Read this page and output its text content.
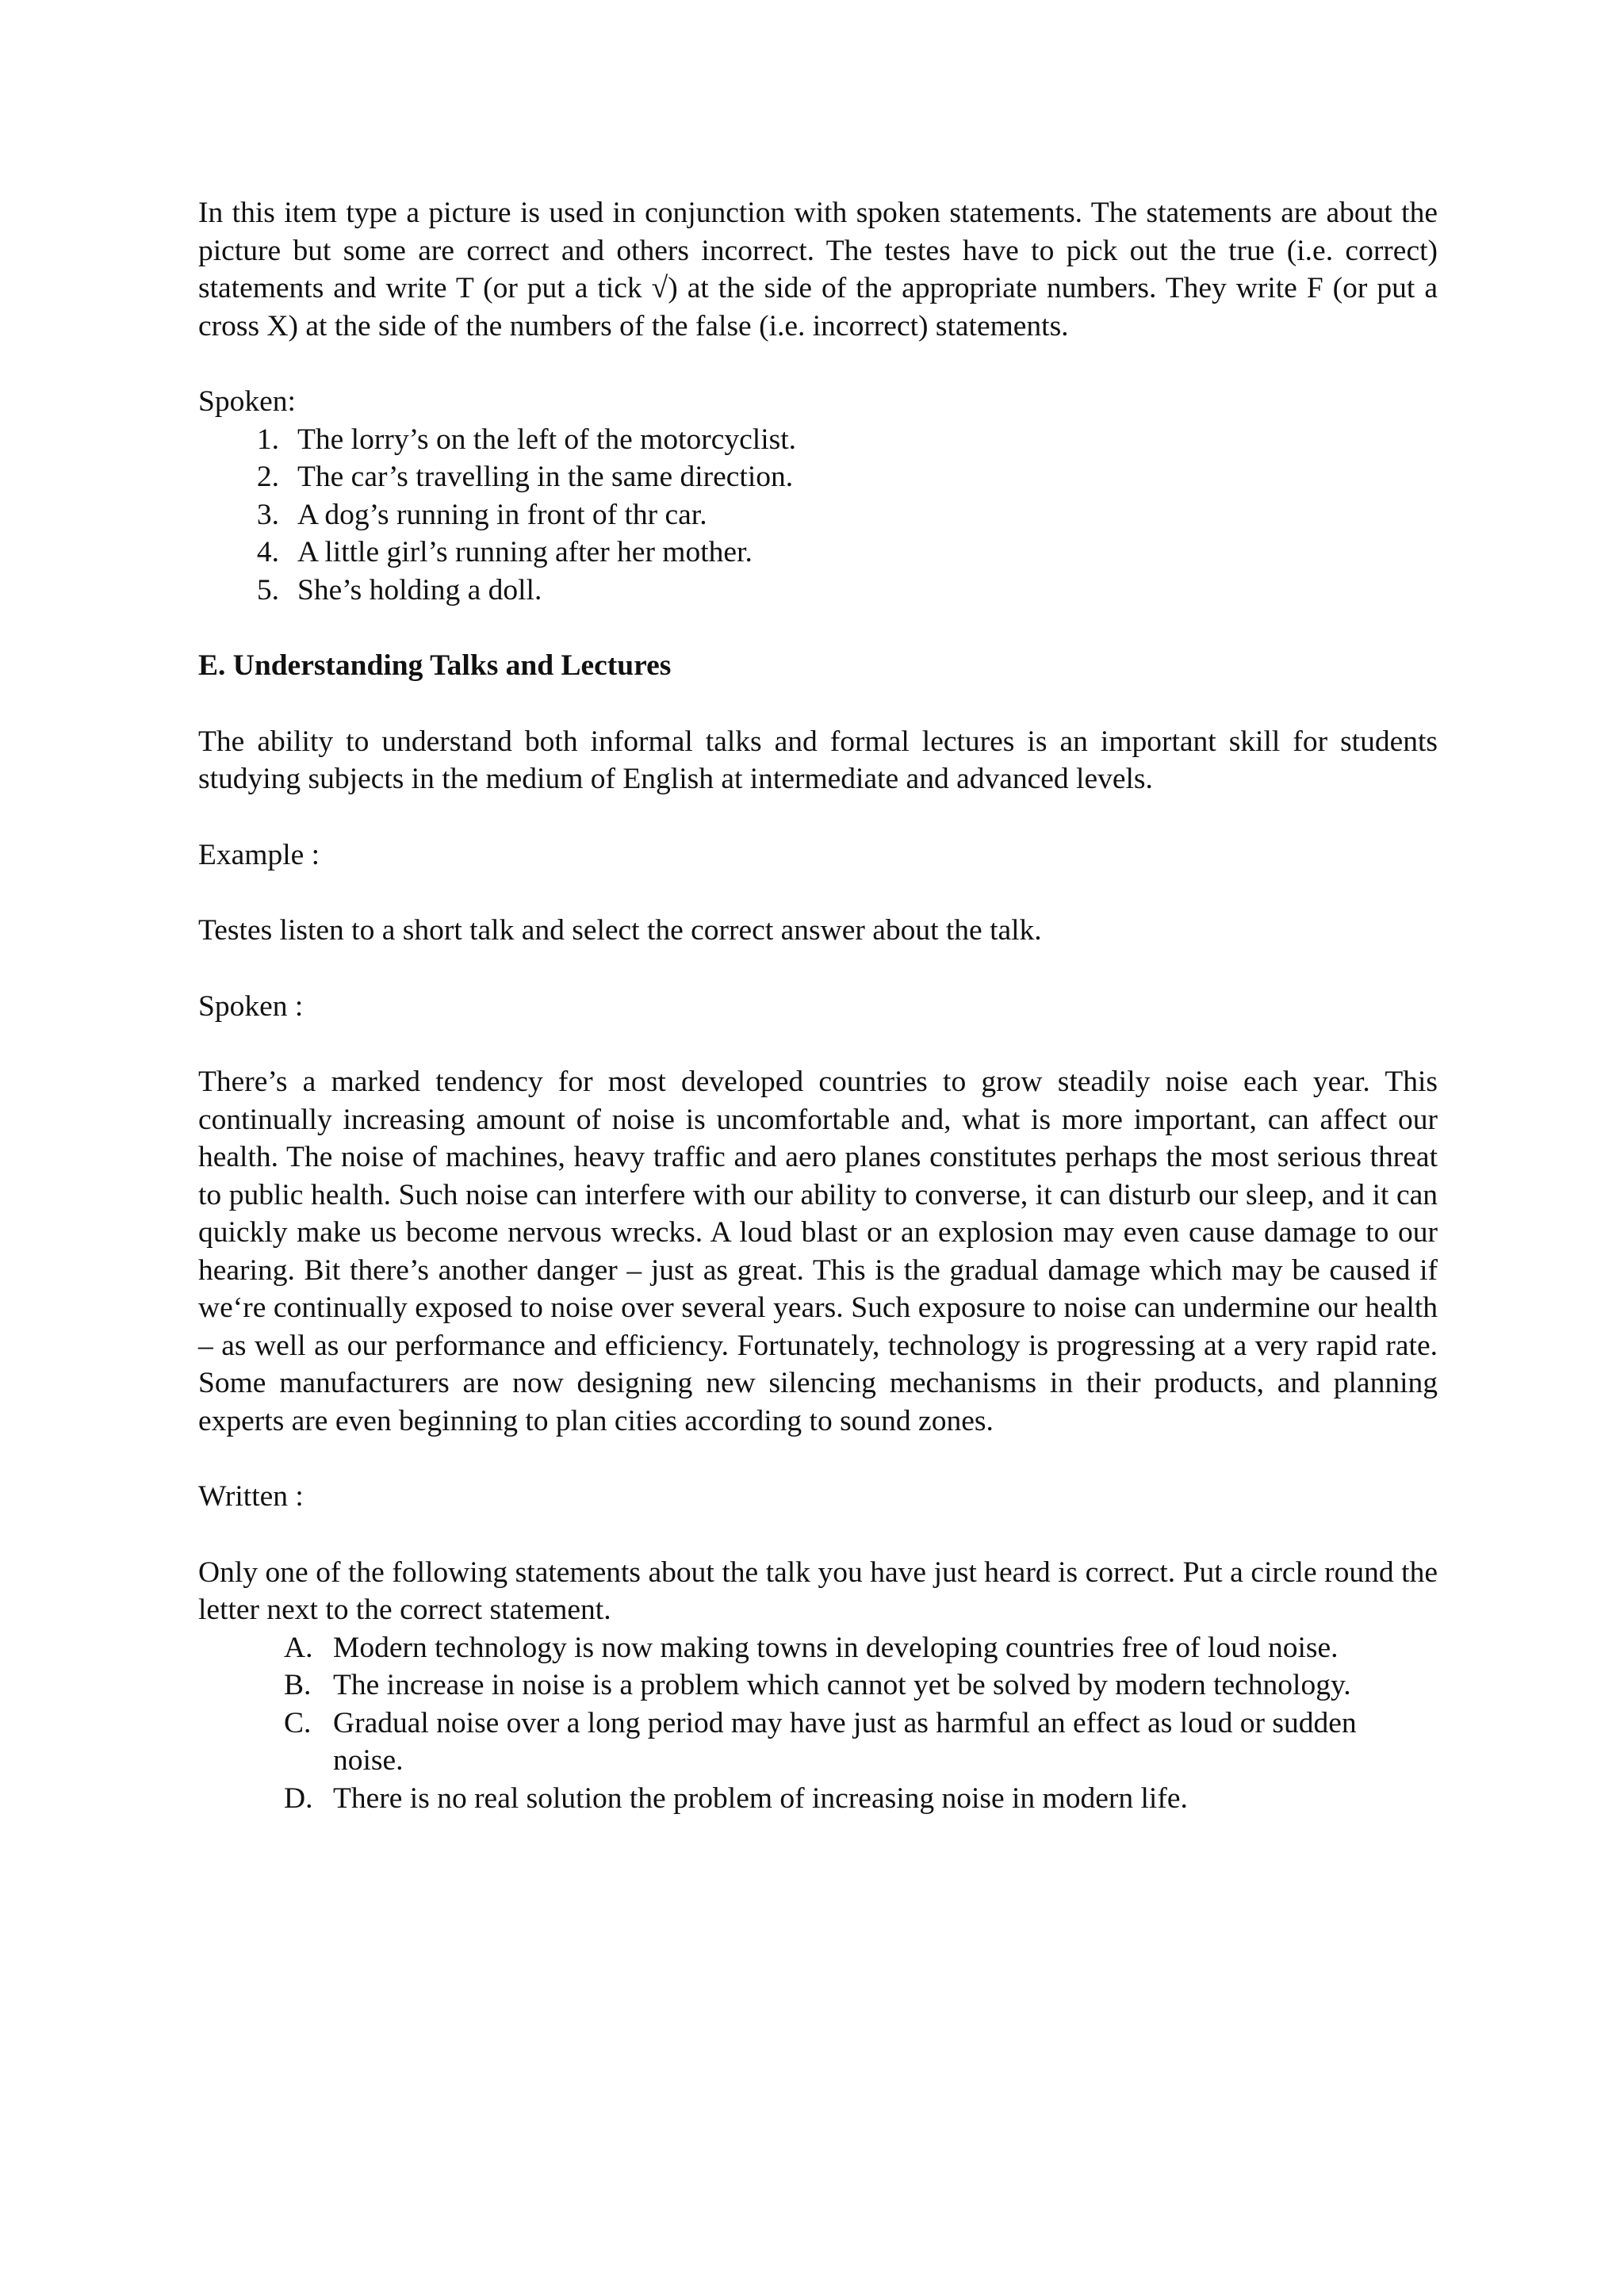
In this item type a picture is used in conjunction with spoken statements. The statements are about the picture but some are correct and others incorrect. The testes have to pick out the true (i.e. correct) statements and write T (or put a tick √) at the side of the appropriate numbers. They write F (or put a cross X) at the side of the numbers of the false (i.e. incorrect) statements.

Spoken:

1. The lorry’s on the left of the motorcyclist.
2. The car’s travelling in the same direction.
3. A dog’s running in front of thr car.
4. A little girl’s running after her mother.
5. She’s holding a doll.

E. Understanding Talks and Lectures

The ability to understand both informal talks and formal lectures is an important skill for students studying subjects in the medium of English at intermediate and advanced levels.

Example :

Testes listen to a short talk and select the correct answer about the talk.

Spoken :

There’s a marked tendency for most developed countries to grow steadily noise each year. This continually increasing amount of noise is uncomfortable and, what is more important, can affect our health. The noise of machines, heavy traffic and aero planes constitutes perhaps the most serious threat to public health. Such noise can interfere with our ability to converse, it can disturb our sleep, and it can quickly make us become nervous wrecks. A loud blast or an explosion may even cause damage to our hearing. Bit there’s another danger – just as great. This is the gradual damage which may be caused if we‘re continually exposed to noise over several years. Such exposure to noise can undermine our health – as well as our performance and efficiency. Fortunately, technology is progressing at a very rapid rate. Some manufacturers are now designing new silencing mechanisms in their products, and planning experts are even beginning to plan cities according to sound zones.

Written :

Only one of the following statements about the talk you have just heard is correct. Put a circle round the letter next to the correct statement.

A. Modern technology is now making towns in developing countries free of loud noise.
B. The increase in noise is a problem which cannot yet be solved by modern technology.
C. Gradual noise over a long period may have just as harmful an effect as loud or sudden noise.
D. There is no real solution the problem of increasing noise in modern life.
